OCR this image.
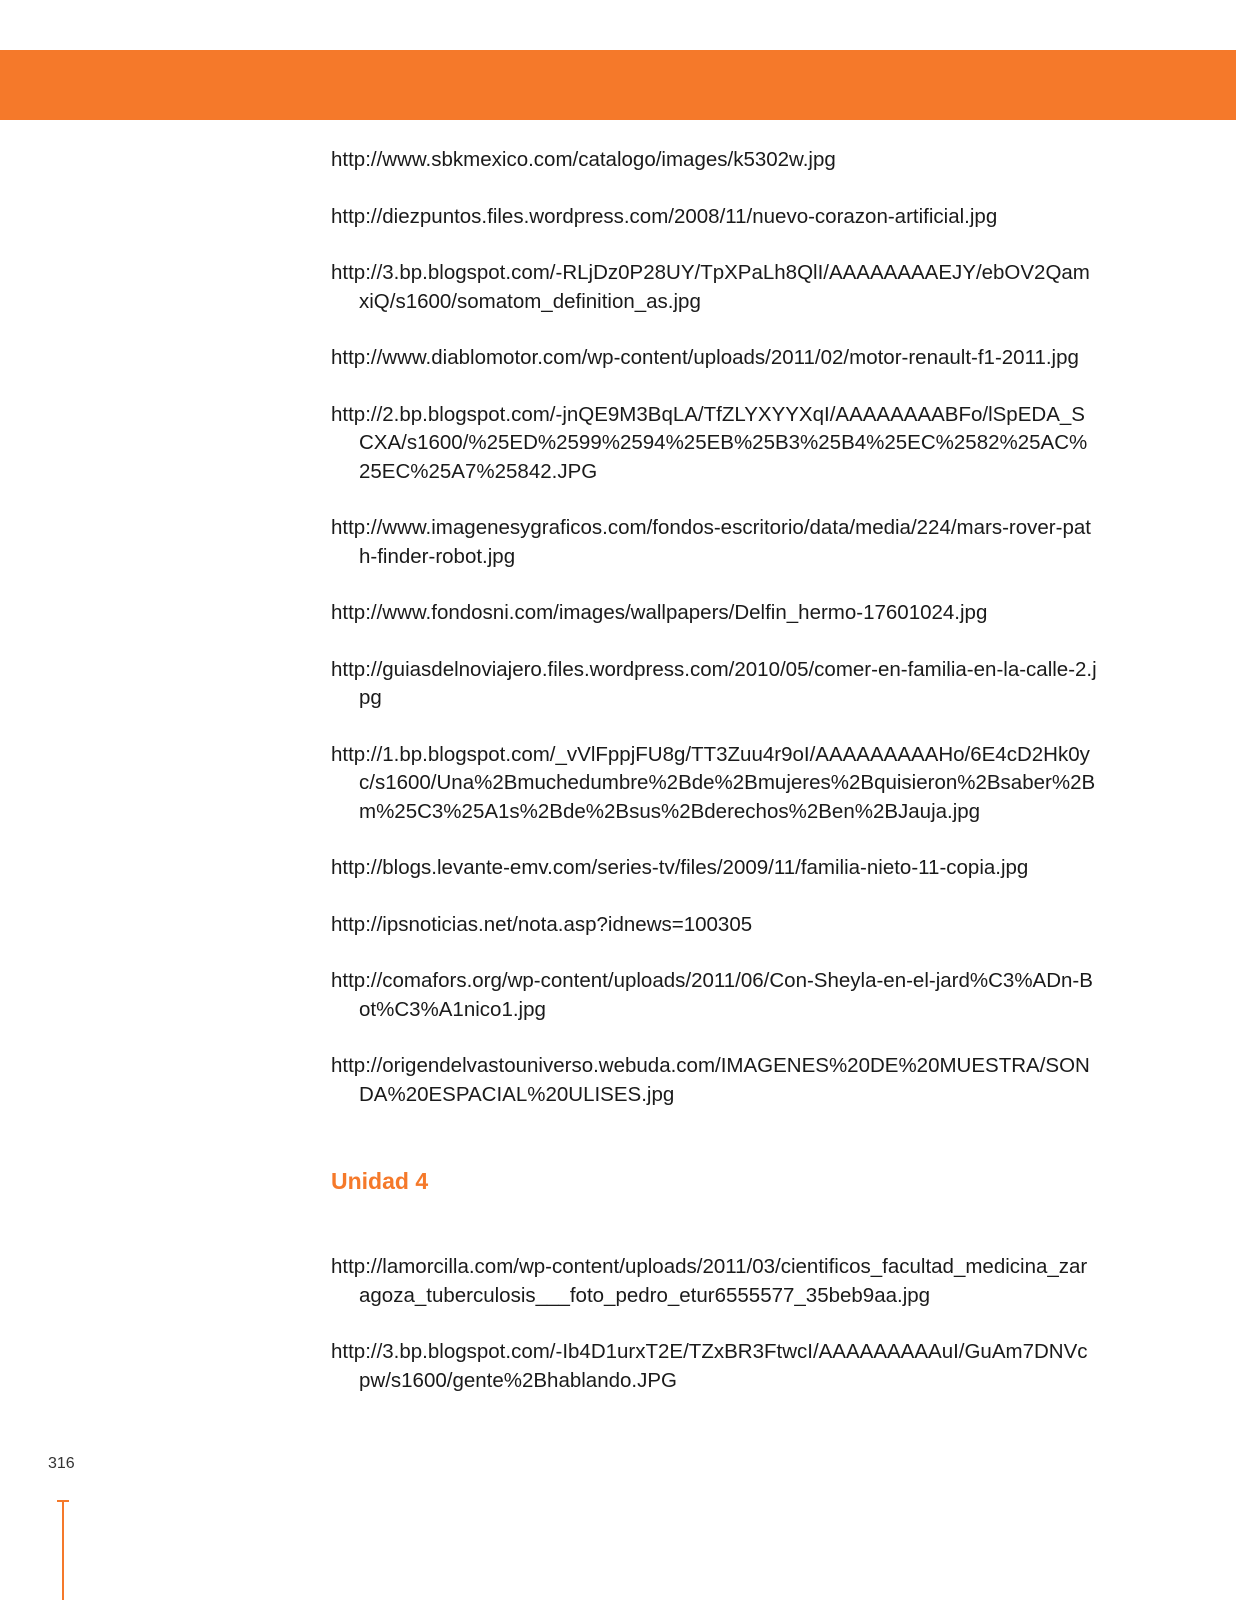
http://www.sbkmexico.com/catalogo/images/k5302w.jpg
http://diezpuntos.files.wordpress.com/2008/11/nuevo-corazon-artificial.jpg
http://3.bp.blogspot.com/-RLjDz0P28UY/TpXPaLh8QlI/AAAAAAAAEJY/ebOV2QamxiQ/s1600/somatom_definition_as.jpg
http://www.diablomotor.com/wp-content/uploads/2011/02/motor-renault-f1-2011.jpg
http://2.bp.blogspot.com/-jnQE9M3BqLA/TfZLYXYYXqI/AAAAAAAABFo/lSpEDA_SCXA/s1600/%25ED%2599%2594%25EB%25B3%25B4%25EC%2582%25AC%25EC%25A7%25842.JPG
http://www.imagenesygraficos.com/fondos-escritorio/data/media/224/mars-rover-path-finder-robot.jpg
http://www.fondosni.com/images/wallpapers/Delfin_hermo-17601024.jpg
http://guiasdelnoviajero.files.wordpress.com/2010/05/comer-en-familia-en-la-calle-2.jpg
http://1.bp.blogspot.com/_vVlFppjFU8g/TT3Zuu4r9oI/AAAAAAAAAHo/6E4cD2Hk0yc/s1600/Una%2Bmuchedumbre%2Bde%2Bmujeres%2Bquisieron%2Bsaber%2Bm%25C3%25A1s%2Bde%2Bsus%2Bderechos%2Ben%2BJauja.jpg
http://blogs.levante-emv.com/series-tv/files/2009/11/familia-nieto-11-copia.jpg
http://ipsnoticias.net/nota.asp?idnews=100305
http://comafors.org/wp-content/uploads/2011/06/Con-Sheyla-en-el-jard%C3%ADn-Bot%C3%A1nico1.jpg
http://origendelvastouniverso.webuda.com/IMAGENES%20DE%20MUESTRA/SONDA%20ESPACIAL%20ULISES.jpg
Unidad 4
http://lamorcilla.com/wp-content/uploads/2011/03/cientificos_facultad_medicina_zaragoza_tuberculosis___foto_pedro_etur6555577_35beb9aa.jpg
http://3.bp.blogspot.com/-Ib4D1urxT2E/TZxBR3FtwcI/AAAAAAAAAuI/GuAm7DNVcpw/s1600/gente%2Bhablando.JPG
316
